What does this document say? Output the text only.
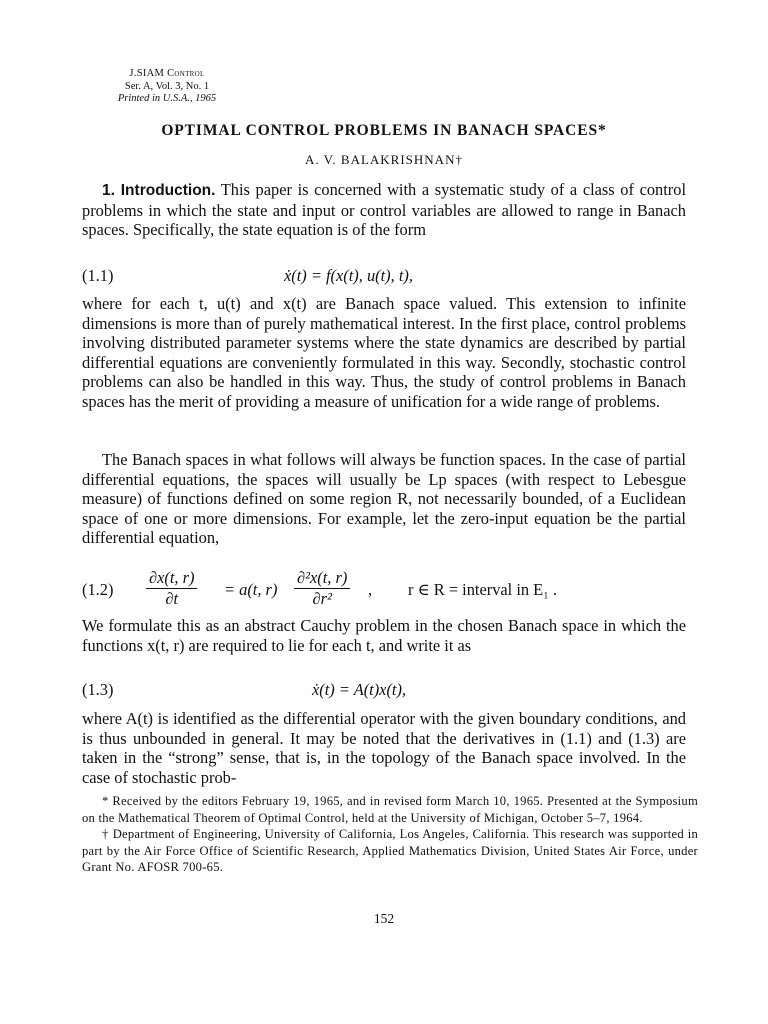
J.SIAM Control
Ser. A, Vol. 3, No. 1
Printed in U.S.A., 1965
OPTIMAL CONTROL PROBLEMS IN BANACH SPACES*
A. V. BALAKRISHNAN†

1. Introduction. This paper is concerned with a systematic study of a class of control problems in which the state and input or control variables are allowed to range in Banach spaces. Specifically, the state equation is of the form

(1.1)	ẋ(t) = f(x(t), u(t), t),

where for each t, u(t) and x(t) are Banach space valued. This extension to infinite dimensions is more than of purely mathematical interest. In the first place, control problems involving distributed parameter systems where the state dynamics are described by partial differential equations are conveniently formulated in this way. Secondly, stochastic control problems can also be handled in this way. Thus, the study of control problems in Banach spaces has the merit of providing a measure of unification for a wide range of problems.

The Banach spaces in what follows will always be function spaces. In the case of partial differential equations, the spaces will usually be Lp spaces (with respect to Lebesgue measure) of functions defined on some region R, not necessarily bounded, of a Euclidean space of one or more dimensions. For example, let the zero-input equation be the partial differential equation,

$(1.2) \frac{\partial x(t, r)}{\partial t} = a(t$, $r) \frac{\text{∂²x(t, r)}}{\text{∂r²}}$ , r ∈ R = interval in E₁ .

We formulate this as an abstract Cauchy problem in the chosen Banach space in which the functions x(t, r) are required to lie for each t, and write it as

(1.3)	ẋ(t) = A(t)x(t),

where A(t) is identified as the differential operator with the given boundary conditions, and is thus unbounded in general. It may be noted that the derivatives in (1.1) and (1.3) are taken in the “strong” sense, that is, in the topology of the Banach space involved. In the case of stochastic prob-

* Received by the editors February 19, 1965, and in revised form March 10, 1965. Presented at the Symposium on the Mathematical Theorem of Optimal Control, held at the University of Michigan, October 5–7, 1964.

† Department of Engineering, University of California, Los Angeles, California. This research was supported in part by the Air Force Office of Scientific Research, Applied Mathematics Division, United States Air Force, under Grant No. AFOSR 700-65.

152
